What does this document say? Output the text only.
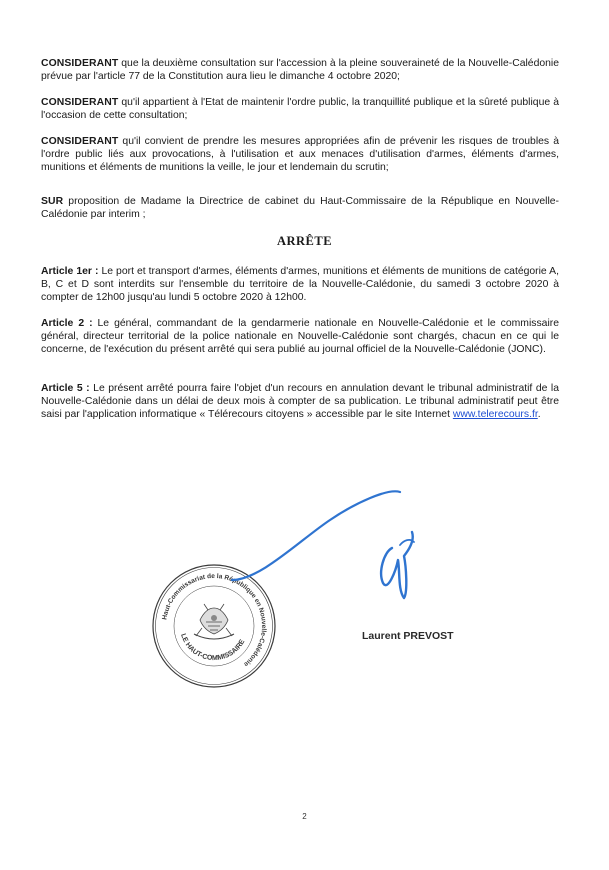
CONSIDERANT que la deuxième consultation sur l'accession à la pleine souveraineté de la Nouvelle-Calédonie prévue par l'article 77 de la Constitution aura lieu le dimanche 4 octobre 2020;

CONSIDERANT qu'il appartient à l'Etat de maintenir l'ordre public, la tranquillité publique et la sûreté publique à l'occasion de cette consultation;

CONSIDERANT qu'il convient de prendre les mesures appropriées afin de prévenir les risques de troubles à l'ordre public liés aux provocations, à l'utilisation et aux menaces d'utilisation d'armes, éléments d'armes, munitions et éléments de munitions la veille, le jour et lendemain du scrutin;

SUR proposition de Madame la Directrice de cabinet du Haut-Commissaire de la République en Nouvelle-Calédonie par interim ;

ARRÊTE

Article 1er : Le port et transport d'armes, éléments d'armes, munitions et éléments de munitions de catégorie A, B, C et D sont interdits sur l'ensemble du territoire de la Nouvelle-Calédonie, du samedi 3 octobre 2020 à compter de 12h00 jusqu'au lundi 5 octobre 2020 à 12h00.

Article 2 : Le général, commandant de la gendarmerie nationale en Nouvelle-Calédonie et le commissaire général, directeur territorial de la police nationale en Nouvelle-Calédonie sont chargés, chacun en ce qui le concerne, de l'exécution du présent arrêté qui sera publié au journal officiel de la Nouvelle-Calédonie (JONC).

Article 5 : Le présent arrêté pourra faire l'objet d'un recours en annulation devant le tribunal administratif de la Nouvelle-Calédonie dans un délai de deux mois à compter de sa publication. Le tribunal administratif peut être saisi par l'application informatique « Télérecours citoyens » accessible par le site Internet www.telerecours.fr.

Haut-Commissariat de la République en Nouvelle-Calédonie
LE HAUT-COMMISSAIRE
Laurent PREVOST
2
